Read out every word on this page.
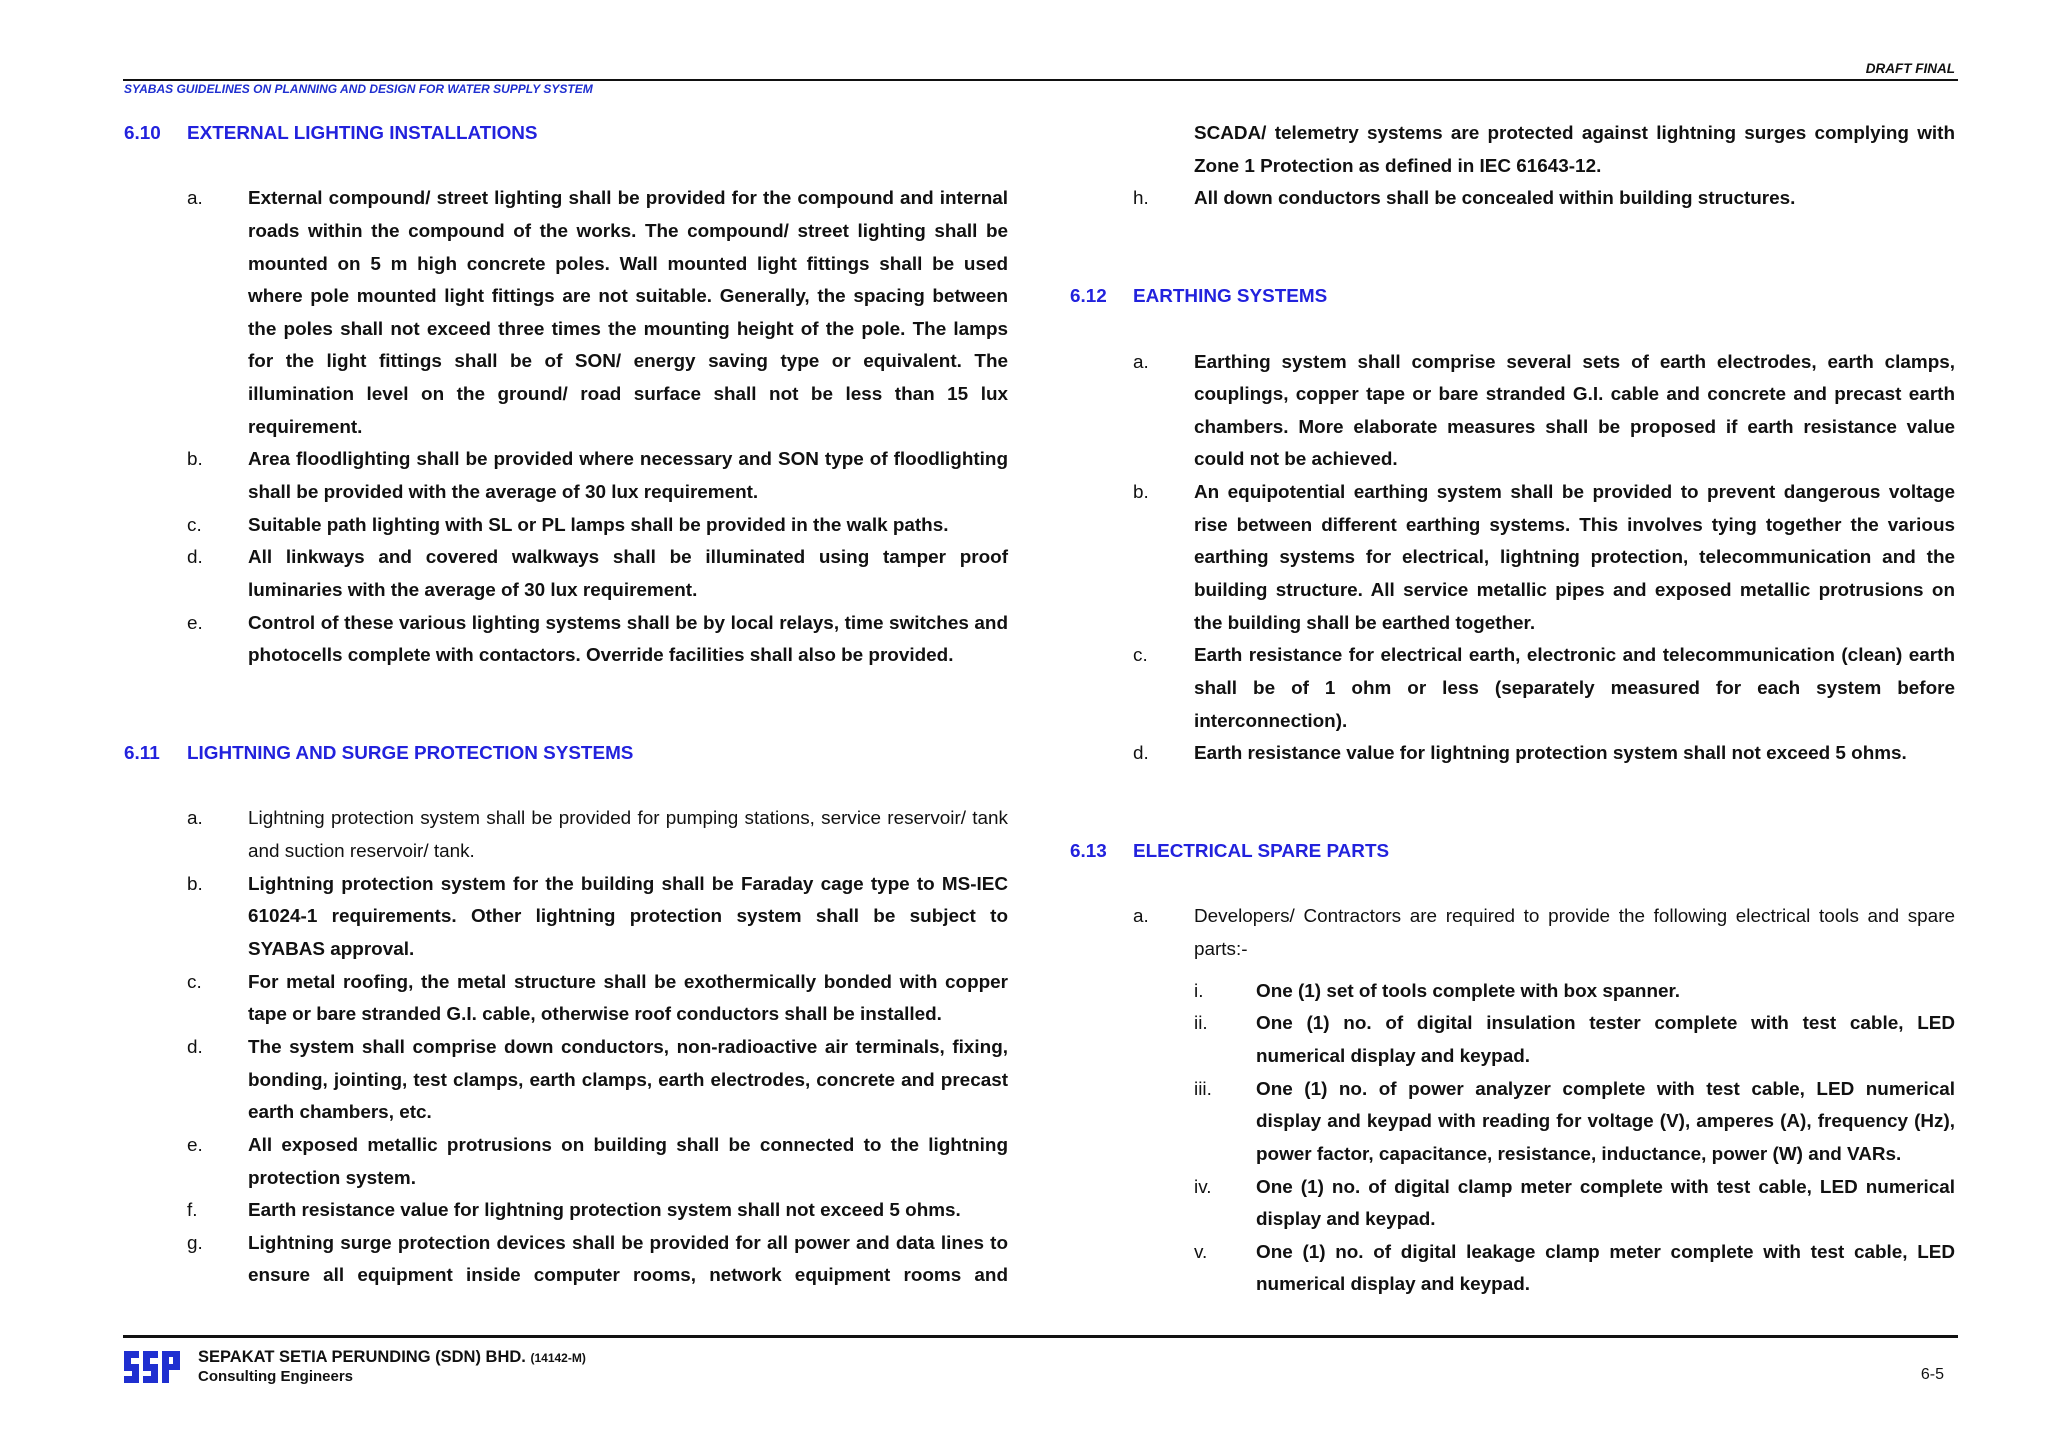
SYABAS GUIDELINES ON PLANNING AND DESIGN FOR WATER SUPPLY SYSTEM
DRAFT FINAL
6.10 EXTERNAL LIGHTING INSTALLATIONS
a. External compound/ street lighting shall be provided for the compound and internal
roads within the compound of the works. The compound/ street lighting shall be
mounted on 5 m high concrete poles. Wall mounted light fittings shall be used
where pole mounted light fittings are not suitable. Generally, the spacing between
the poles shall not exceed three times the mounting height of the pole. The lamps
for the light fittings shall be of SON/ energy saving type or equivalent. The
illumination level on the ground/ road surface shall not be less than 15 lux
requirement.
b. Area floodlighting shall be provided where necessary and SON type of floodlighting
shall be provided with the average of 30 lux requirement.
c. Suitable path lighting with SL or PL lamps shall be provided in the walk paths.
d. All linkways and covered walkways shall be illuminated using tamper proof
luminaries with the average of 30 lux requirement.
e. Control of these various lighting systems shall be by local relays, time switches and
photocells complete with contactors. Override facilities shall also be provided.
6.11 LIGHTNING AND SURGE PROTECTION SYSTEMS
a. Lightning protection system shall be provided for pumping stations, service reservoir/ tank
and suction reservoir/ tank.
b. Lightning protection system for the building shall be Faraday cage type to MS-IEC
61024-1 requirements. Other lightning protection system shall be subject to
SYABAS approval.
c. For metal roofing, the metal structure shall be exothermically bonded with copper
tape or bare stranded G.I. cable, otherwise roof conductors shall be installed.
d. The system shall comprise down conductors, non-radioactive air terminals, fixing,
bonding, jointing, test clamps, earth clamps, earth electrodes, concrete and precast
earth chambers, etc.
e. All exposed metallic protrusions on building shall be connected to the lightning
protection system.
f.	Earth resistance value for lightning protection system shall not exceed 5 ohms.
g. Lightning surge protection devices shall be provided for all power and data lines to
ensure all equipment inside computer rooms, network equipment rooms and
SCADA/ telemetry systems are protected against lightning surges complying with
Zone 1 Protection as defined in IEC 61643-12.
h. All down conductors shall be concealed within building structures.
6.12 EARTHING SYSTEMS
a. Earthing system shall comprise several sets of earth electrodes, earth clamps,
couplings, copper tape or bare stranded G.I. cable and concrete and precast earth
chambers. More elaborate measures shall be proposed if earth resistance value
could not be achieved.
b. An equipotential earthing system shall be provided to prevent dangerous voltage
rise between different earthing systems. This involves tying together the various
earthing systems for electrical, lightning protection, telecommunication and the
building structure. All service metallic pipes and exposed metallic protrusions on
the building shall be earthed together.
c. Earth resistance for electrical earth, electronic and telecommunication (clean) earth
shall be of 1 ohm or less (separately measured for each system before
interconnection).
d. Earth resistance value for lightning protection system shall not exceed 5 ohms.
6.13 ELECTRICAL SPARE PARTS
a. Developers/ Contractors are required to provide the following electrical tools and spare
parts:-
i.	One (1) set of tools complete with box spanner.
ii.	One (1) no. of digital insulation tester complete with test cable, LED
numerical display and keypad.
iii. One (1) no. of power analyzer complete with test cable, LED numerical
display and keypad with reading for voltage (V), amperes (A), frequency (Hz),
power factor, capacitance, resistance, inductance, power (W) and VARs.
iv. One (1) no. of digital clamp meter complete with test cable, LED numerical
display and keypad.
v.	One (1) no. of digital leakage clamp meter complete with test cable, LED
numerical display and keypad.
SEPAKAT SETIA PERUNDING (SDN) BHD. (14142-M)
Consulting Engineers	6-5
